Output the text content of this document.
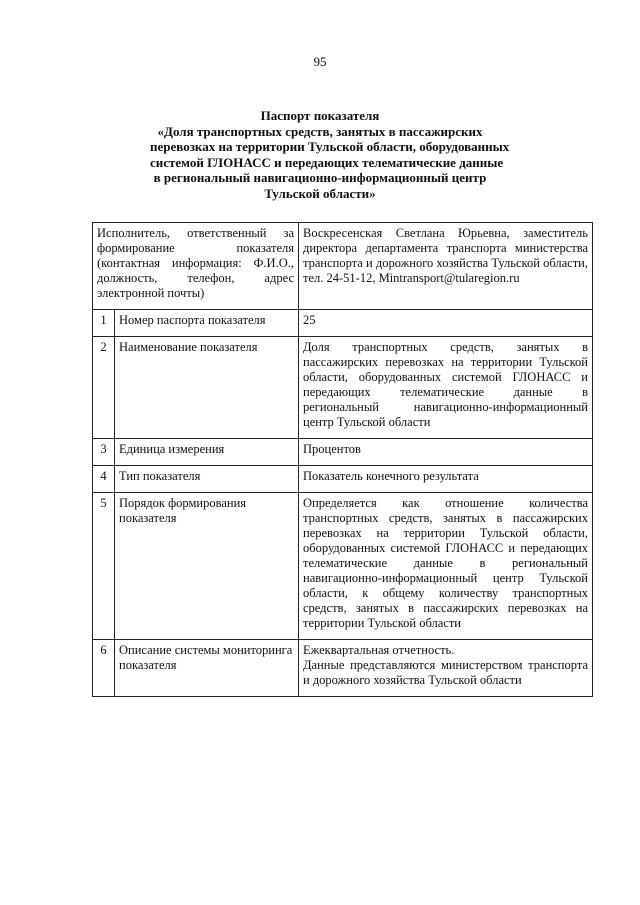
95
Паспорт показателя
«Доля транспортных средств, занятых в пассажирских
перевозках на территории Тульской области, оборудованных
системой ГЛОНАСС и передающих телематические данные
в региональный навигационно-информационный центр
Тульской области»
Исполнитель, ответственный за формирование показателя (контактная информация: Ф.И.О., должность, телефон, адрес электронной почты)		Воскресенская Светлана Юрьевна, заместитель директора департамента транспорта министерства транспорта и дорожного хозяйства Тульской области, тел. 24-51-12, Mintransport@tularegion.ru
1	Номер паспорта показателя	25
2	Наименование показателя	Доля транспортных средств, занятых в пассажирских перевозках на территории Тульской области, оборудованных системой ГЛОНАСС и передающих телематические данные в региональный навигационно-информационный центр Тульской области
3	Единица измерения	Процентов
4	Тип показателя	Показатель конечного результата
5	Порядок формирования показателя	Определяется как отношение количества транспортных средств, занятых в пассажирских перевозках на территории Тульской области, оборудованных системой ГЛОНАСС и передающих телематические данные в региональный навигационно-информационный центр Тульской области, к общему количеству транспортных средств, занятых в пассажирских перевозках на территории Тульской области
6	Описание системы мониторинга показателя	Ежеквартальная отчетность.
Данные представляются министерством транспорта и дорожного хозяйства Тульской области
